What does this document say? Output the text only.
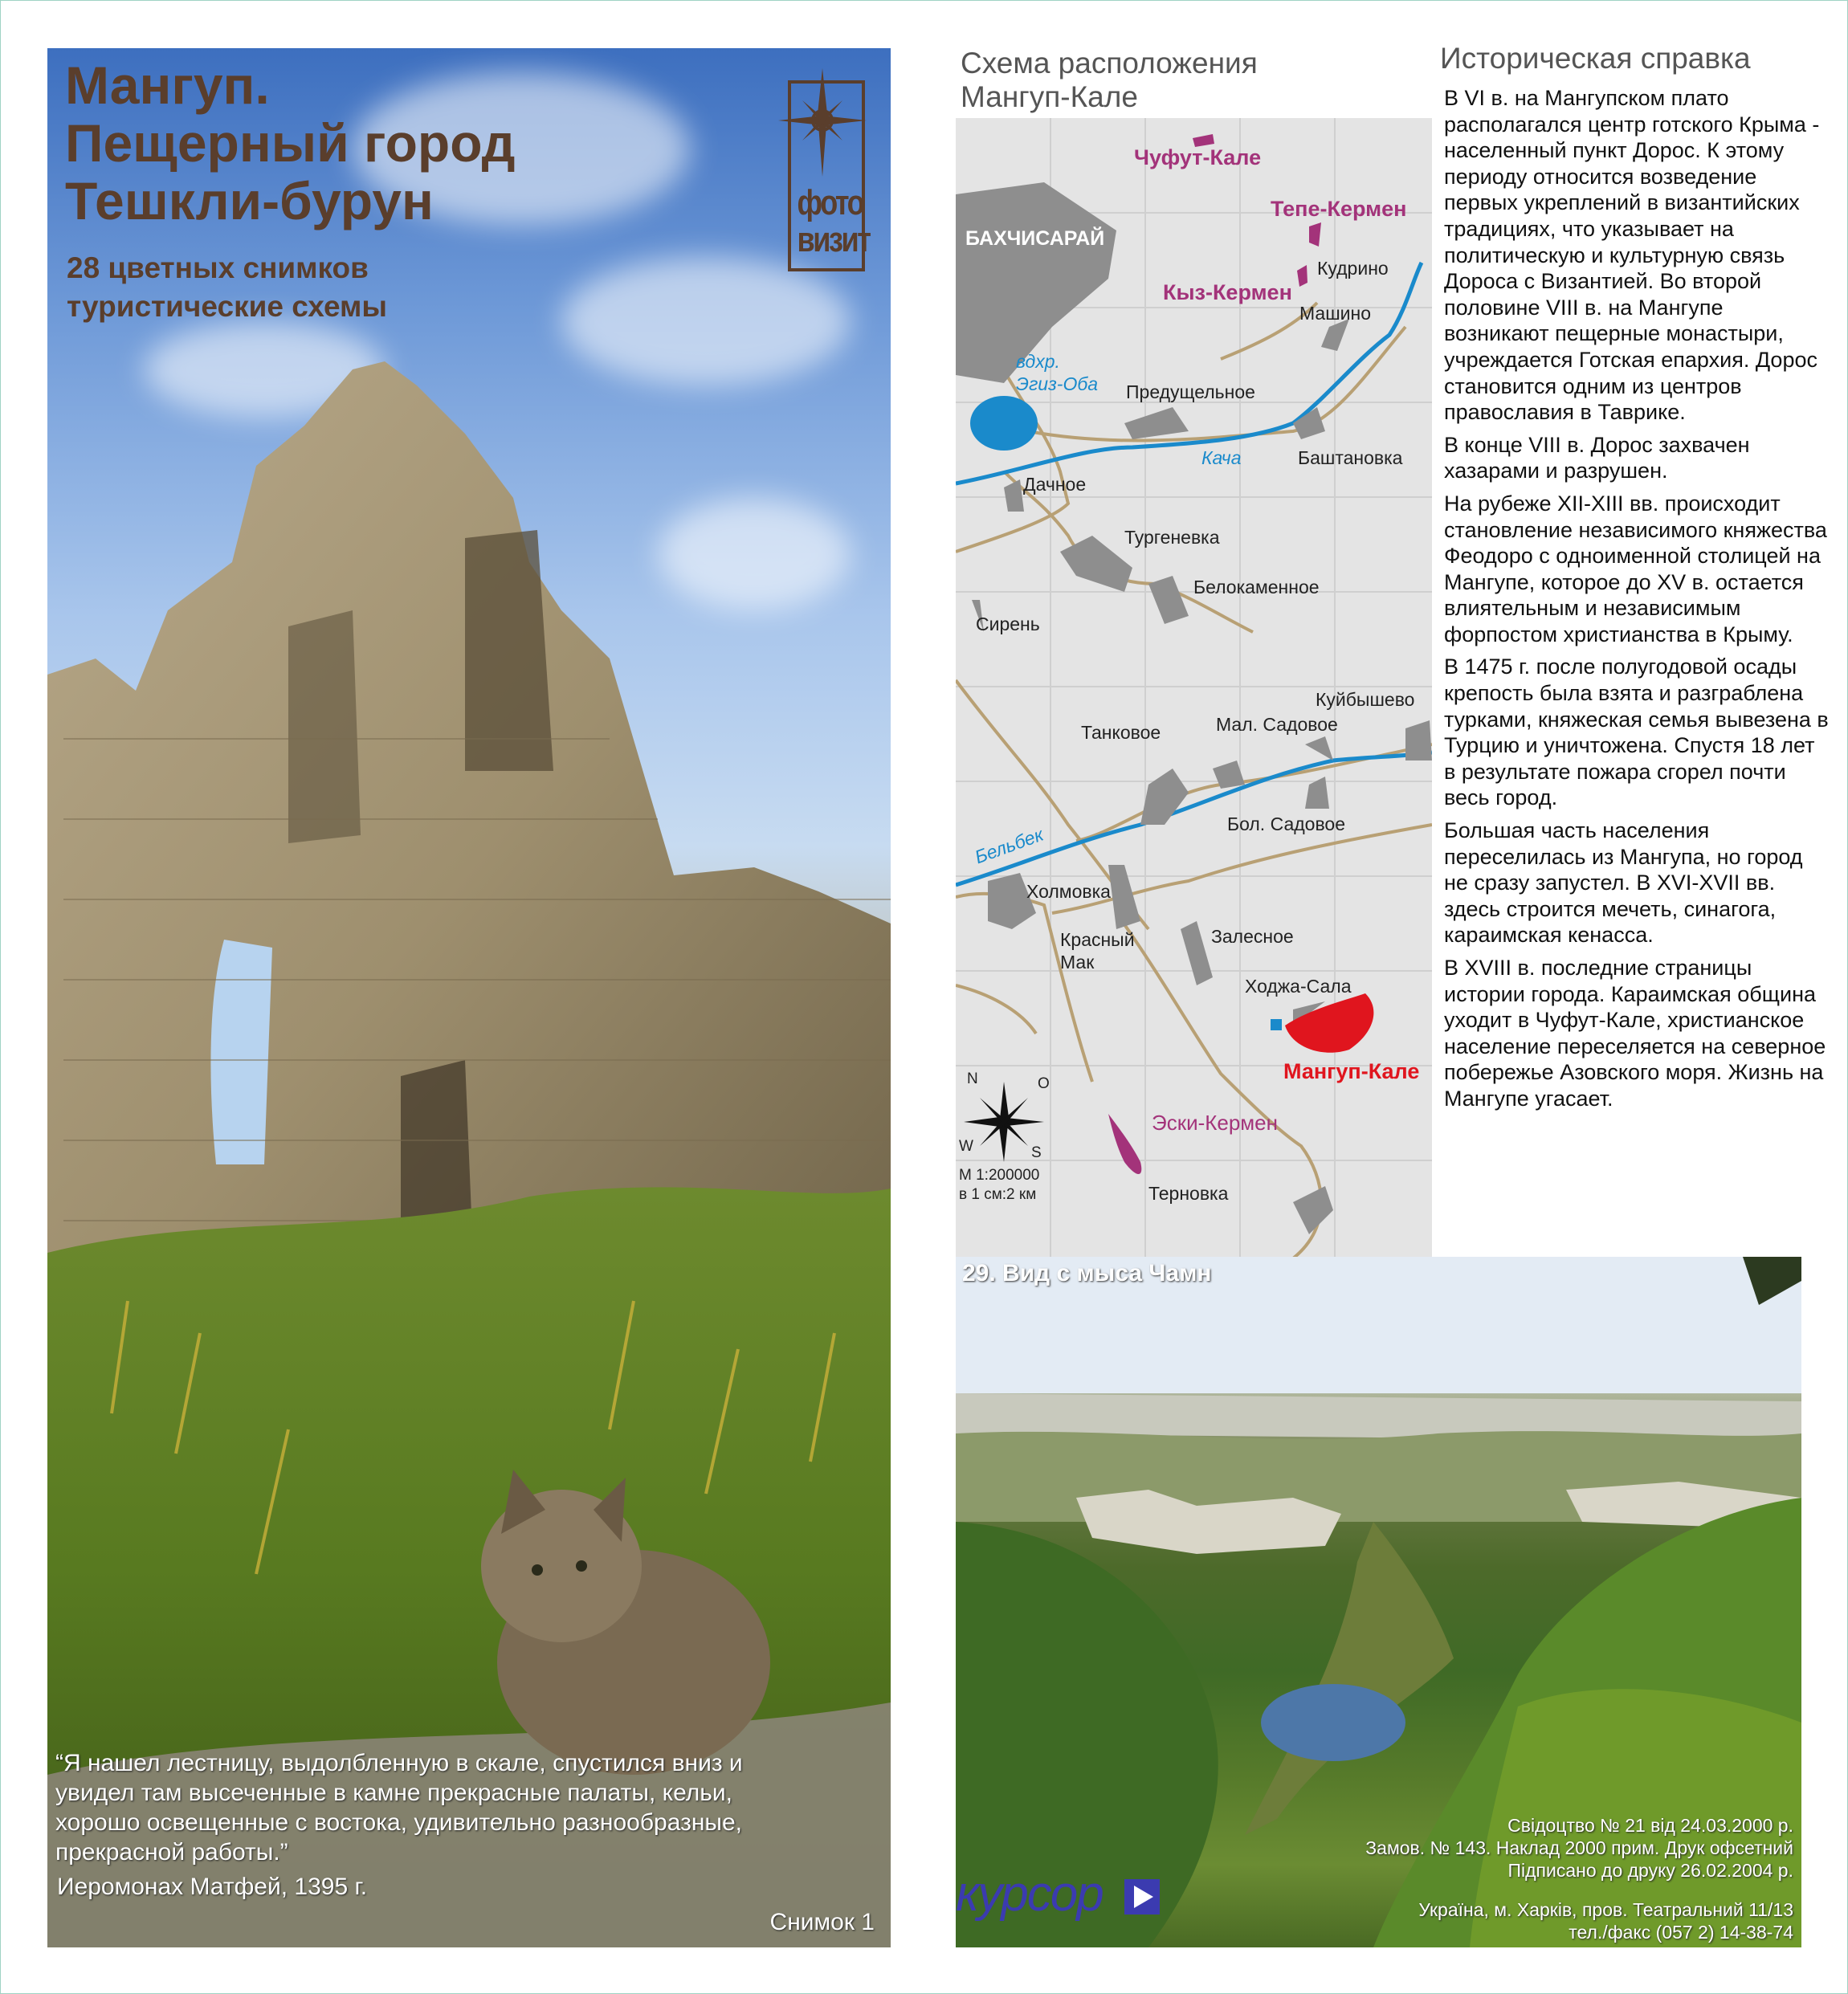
Мангуп.
Пещерный город
Тешкли-бурун
28 цветных снимков
туристические схемы
фото
визит
“Я нашел лестницу, выдолбленную в скале, спустился вниз и увидел там высеченные в камне прекрасные палаты, кельи, хорошо освещенные с востока, удивительно разнообразные, прекрасной работы.”
Иеромонах Матфей, 1395 г.
Снимок 1
Схема расположения
Мангуп-Кале
Чуфут-Кале
Тепе-Кермен
БАХЧИСАРАЙ
Кудрино
Кыз-Кермен
Машино
вдхр.
Эгиз-Оба Предущельное
Кача	Баштановка
Дачное
Тургеневка
Белокаменное
Сирень
Куйбышево
Мал. Садовое
Танковое
Бол. Садовое
Бельбек
Холмовка
Красный
Мак
Залесное
Ходжа-Сала
Мангуп-Кале
Эски-Кермен
Терновка
N	O
W	S
М 1:200000
в 1 см:2 км
Историческая справка

В VI в. на Мангупском плато располагался центр готского Крыма - населенный пункт Дорос. К этому периоду относится возведение первых укреплений в византийских традициях, что указывает на политическую и культурную связь Дороса с Византией. Во второй половине VIII в. на Мангупе возникают пещерные монастыри, учреждается Готская епархия. Дорос становится одним из центров православия в Таврике.

В конце VIII в. Дорос захвачен хазарами и разрушен.

На рубеже XII-XIII вв. происходит становление независимого княжества Феодоро с одноименной столицей на Мангупе, которое до XV в. остается влиятельным и независимым форпостом христианства в Крыму.

В 1475 г. после полугодовой осады крепость была взята и разграблена турками, княжеская семья вывезена в Турцию и уничтожена. Спустя 18 лет в результате пожара сгорел почти весь город.

Большая часть населения переселилась из Мангупа, но город не сразу запустел. В XVI-XVII вв. здесь строится мечеть, синагога, караимская кенасса.

В XVIII в. последние страницы истории города. Караимская община уходит в Чуфут-Кале, христианское население переселяется на северное побережье Азовского моря. Жизнь на Мангупе угасает.

29. Вид с мыса Чамн
Свідоцтво № 21 від 24.03.2000 р.
Замов. № 143. Наклад 2000 прим. Друк офсетний
Підписано до друку 26.02.2004 р.
Україна, м. Харків, пров. Театральний 11/13
тел./факс (057 2) 14-38-74
курсор
